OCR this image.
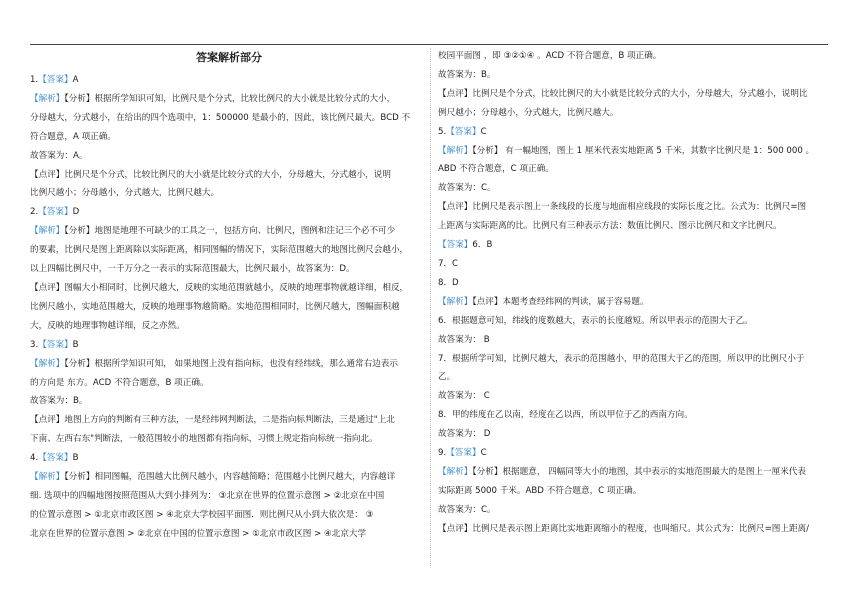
答案解析部分
1.【答案】A
【解析】【分析】根据所学知识可知，比例尺是个分式，比较比例尺的大小就是比较分式的大小，
分母越大，分式越小，在给出的四个选项中，1：500000 是最小的，因此，该比例尺最大。BCD 不
符合题意，A 项正确。
故答案为：A。
【点评】比例尺是个分式，比较比例尺的大小就是比较分式的大小，分母越大，分式越小，说明
比例尺越小；分母越小，分式越大，比例尺越大。
2.【答案】D
【解析】【分析】地图是地理不可缺少的工具之一，包括方向、比例尺，图例和注记三个必不可少
的要素，比例尺是图上距离除以实际距离，相同图幅的情况下，实际范围越大的地图比例尺会越小，
以上四幅比例尺中，一千万分之一表示的实际范围最大，比例尺最小，故答案为：D。
【点评】图幅大小相同时，比例尺越大，反映的实地范围就越小，反映的地理事物就越详细，相反，
比例尺越小，实地范围越大，反映的地理事物越简略。实地范围相同时，比例尺越大，图幅面积越
大，反映的地理事物越详细，反之亦然。
3.【答案】B
【解析】【分析】根据所学知识可知， 如果地图上没有指向标，也没有经纬线，那么通常右边表示
的方向是 东方。ACD 不符合题意，B 项正确。
故答案为：B。
【点评】地图上方向的判断有三种方法，一是经纬网判断法，二是指向标判断法，三是通过"上北
下南、左西右东"判断法，一般范围较小的地图都有指向标，习惯上规定指向标统一指向北。
4.【答案】B
【解析】【分析】相同图幅，范围越大比例尺越小，内容越简略；范围越小比例尺越大，内容越详
细. 选项中的四幅地图按照范围从大到小排列为： ③北京在世界的位置示意图 > ②北京在中国
的位置示意图 > ①北京市政区图 > ④北京大学校园平面图．则比例尺从小到大依次是： ③
北京在世界的位置示意图 > ②北京在中国的位置示意图 > ①北京市政区图 > ④北京大学
校园平面图 ，即 ③②①④ 。ACD 不符合题意，B 项正确。
故答案为：B。
【点评】比例尺是个分式，比较比例尺的大小就是比较分式的大小，分母越大，分式越小，说明比
例尺越小；分母越小，分式越大，比例尺越大。
5.【答案】C
【解析】【分析】 有一幅地图，图上 1 厘米代表实地距离 5 千米，其数字比例尺是 1：500 000 。
ABD 不符合题意，C 项正确。
故答案为：C。
【点评】比例尺是表示图上一条线段的长度与地面相应线段的实际长度之比。公式为：比例尺=图
上距离与实际距离的比。比例尺有三种表示方法：数值比例尺、图示比例尺和文字比例尺。
【答案】6．B
7．C
8．D
【解析】【点评】本题考查经纬网的判读，属于容易题。
6．根据题意可知，纬线的度数越大，表示的长度越短。所以甲表示的范围大于乙。
故答案为： B
7．根据所学可知，比例尺越大，表示的范围越小，甲的范围大于乙的范围，所以甲的比例尺小于
乙。
故答案为： C
8．甲的纬度在乙以南，经度在乙以西，所以甲位于乙的西南方向。
故答案为： D
9.【答案】C
【解析】【分析】根据题意， 四幅同等大小的地图，其中表示的实地范围最大的是图上一厘米代表
实际距离 5000 千米。ABD 不符合题意，C 项正确。
故答案为：C。
【点评】比例尺是表示图上距离比实地距离缩小的程度，也叫缩尺。其公式为：比例尺=图上距离/
